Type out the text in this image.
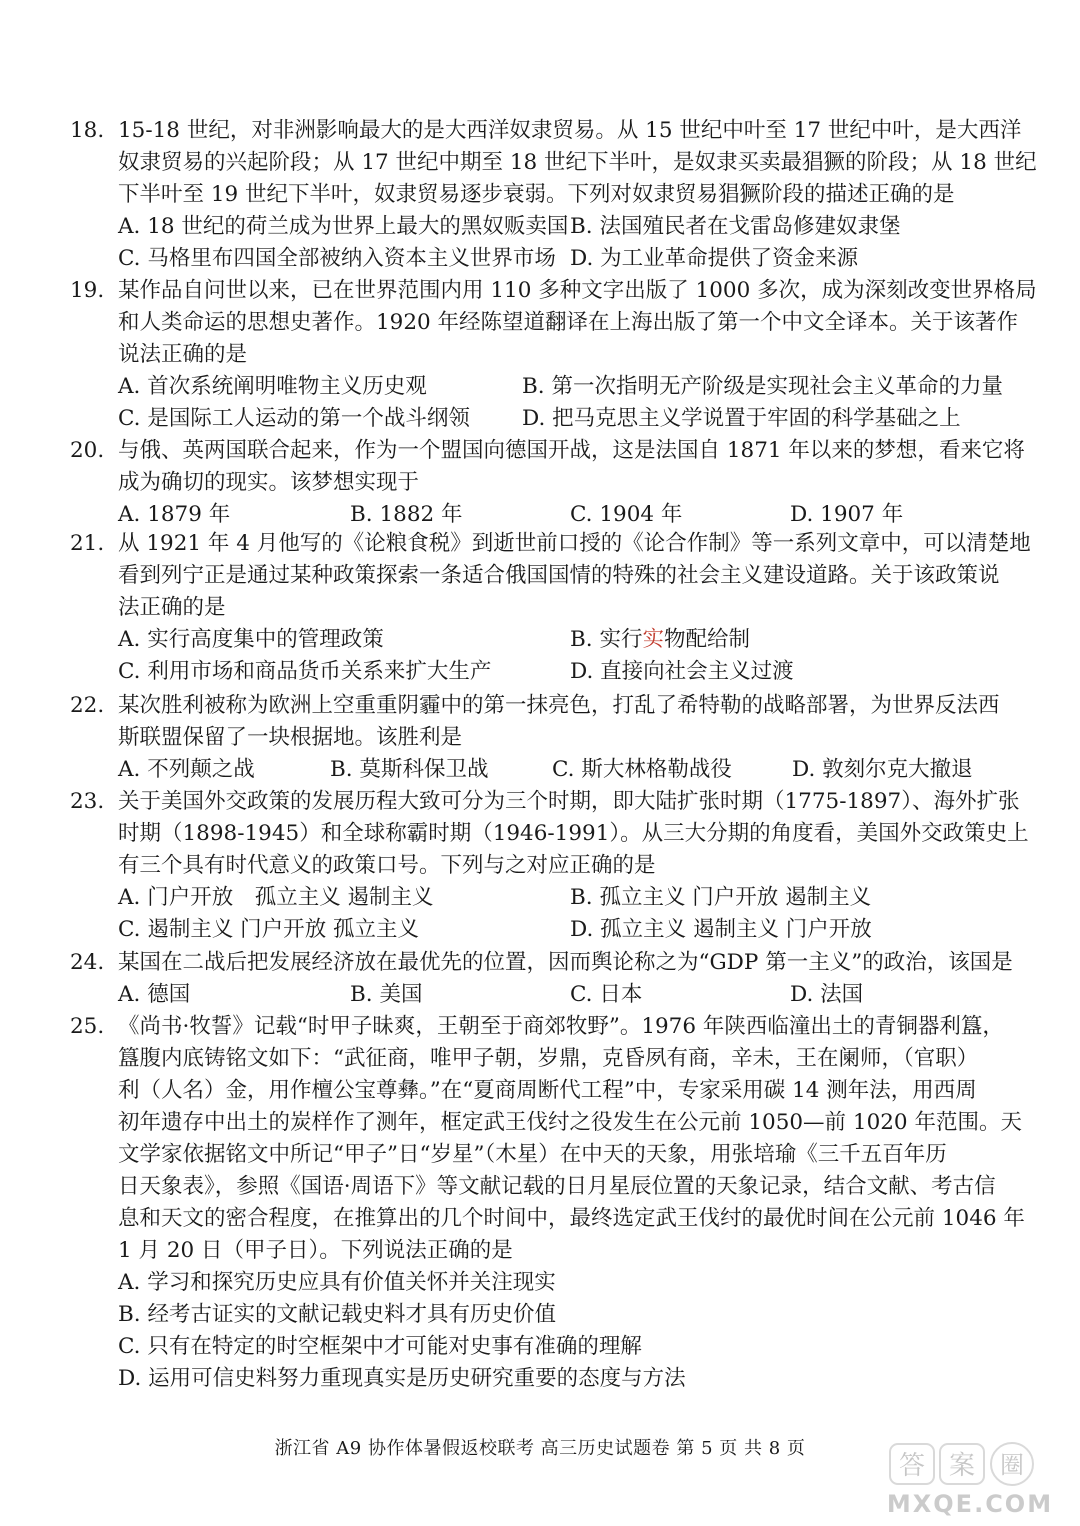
18. 15-18 世纪，对非洲影响最大的是大西洋奴隶贸易。从 15 世纪中叶至 17 世纪中叶，是大西洋
奴隶贸易的兴起阶段；从 17 世纪中期至 18 世纪下半叶，是奴隶买卖最猖獗的阶段；从 18 世纪
下半叶至 19 世纪下半叶，奴隶贸易逐步衰弱。下列对奴隶贸易猖獗阶段的描述正确的是
A. 18 世纪的荷兰成为世界上最大的黑奴贩卖国 B. 法国殖民者在戈雷岛修建奴隶堡
C. 马格里布四国全部被纳入资本主义世界市场 D. 为工业革命提供了资金来源
19. 某作品自问世以来，已在世界范围内用 110 多种文字出版了 1000 多次，成为深刻改变世界格局
和人类命运的思想史著作。1920 年经陈望道翻译在上海出版了第一个中文全译本。关于该著作
说法正确的是
A. 首次系统阐明唯物主义历史观	B. 第一次指明无产阶级是实现社会主义革命的力量
C. 是国际工人运动的第一个战斗纲领	D. 把马克思主义学说置于牢固的科学基础之上
20. 与俄、英两国联合起来，作为一个盟国向德国开战，这是法国自 1871 年以来的梦想，看来它将
成为确切的现实。该梦想实现于
A. 1879 年	B. 1882 年	C. 1904 年	D. 1907 年
21. 从 1921 年 4 月他写的《论粮食税》到逝世前口授的《论合作制》等一系列文章中，可以清楚地
看到列宁正是通过某种政策探索一条适合俄国国情的特殊的社会主义建设道路。关于该政策说
法正确的是
A. 实行高度集中的管理政策	B. 实行实物配给制
C. 利用市场和商品货币关系来扩大生产	D. 直接向社会主义过渡
22. 某次胜利被称为欧洲上空重重阴霾中的第一抹亮色，打乱了希特勒的战略部署，为世界反法西
斯联盟保留了一块根据地。该胜利是
A. 不列颠之战	B. 莫斯科保卫战	C. 斯大林格勒战役	D. 敦刻尔克大撤退
23. 关于美国外交政策的发展历程大致可分为三个时期，即大陆扩张时期（1775-1897）、海外扩张
时期（1898-1945）和全球称霸时期（1946-1991）。从三大分期的角度看，美国外交政策史上
有三个具有时代意义的政策口号。下列与之对应正确的是
A. 门户开放　孤立主义 遏制主义	B. 孤立主义 门户开放 遏制主义
C. 遏制主义 门户开放 孤立主义	D. 孤立主义 遏制主义 门户开放
24. 某国在二战后把发展经济放在最优先的位置，因而舆论称之为“GDP 第一主义”的政治，该国是
A. 德国	B. 美国	C. 日本	D. 法国
25. 《尚书·牧誓》记载“时甲子昧爽，王朝至于商郊牧野”。1976 年陕西临潼出土的青铜器利簋，
簋腹内底铸铭文如下：“武征商，唯甲子朝，岁鼎，克昏夙有商，辛未，王在阑师，（官职）
利（人名）金，用作檀公宝尊彝。”在“夏商周断代工程”中，专家采用碳 14 测年法，用西周
初年遗存中出土的炭样作了测年，框定武王伐纣之役发生在公元前 1050—前 1020 年范围。天
文学家依据铭文中所记“甲子”日“岁星”（木星）在中天的天象，用张培瑜《三千五百年历
日天象表》，参照《国语·周语下》等文献记载的日月星辰位置的天象记录，结合文献、考古信
息和天文的密合程度，在推算出的几个时间中，最终选定武王伐纣的最优时间在公元前 1046 年
1 月 20 日（甲子日）。下列说法正确的是
A. 学习和探究历史应具有价值关怀并关注现实
B. 经考古证实的文献记载史料才具有历史价值
C. 只有在特定的时空框架中才可能对史事有准确的理解
D. 运用可信史料努力重现真实是历史研究重要的态度与方法
浙江省 A9 协作体暑假返校联考 高三历史试题卷 第 5 页 共 8 页
答 案 圈
MXQE.COM
